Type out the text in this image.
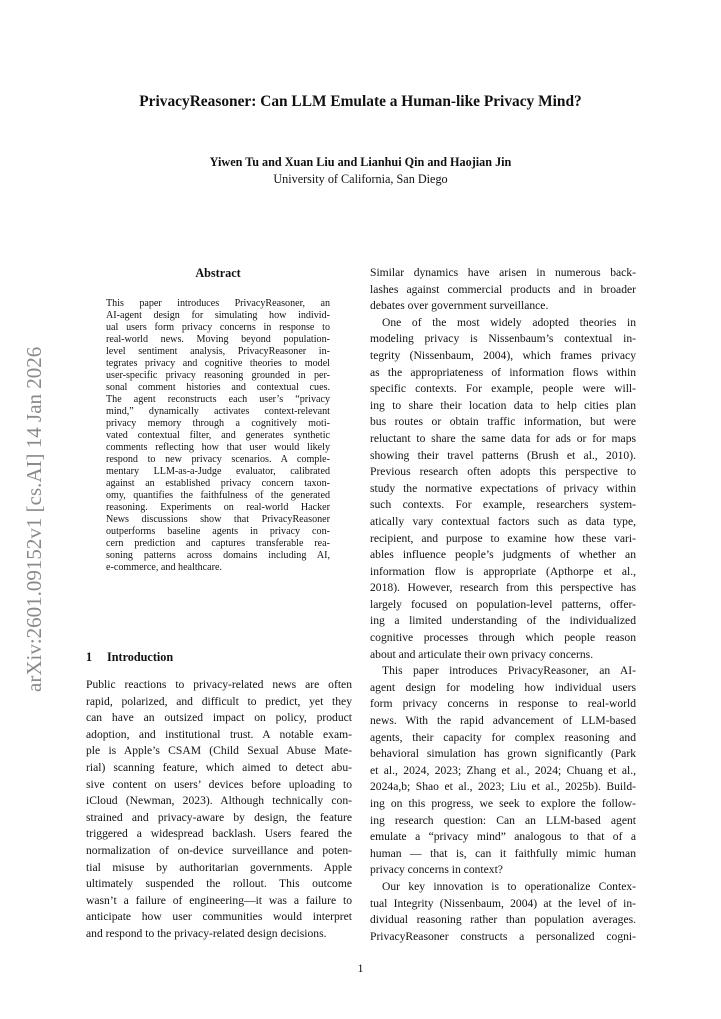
PrivacyReasoner: Can LLM Emulate a Human-like Privacy Mind?
Yiwen Tu and Xuan Liu and Lianhui Qin and Haojian Jin
University of California, San Diego
arXiv:2601.09152v1 [cs.AI] 14 Jan 2026
Abstract
This paper introduces PrivacyReasoner, an
AI-agent design for simulating how individ-
ual users form privacy concerns in response to
real-world news. Moving beyond population-
level sentiment analysis, PrivacyReasoner in-
tegrates privacy and cognitive theories to model
user-specific privacy reasoning grounded in per-
sonal comment histories and contextual cues.
The agent reconstructs each user’s “privacy
mind,” dynamically activates context-relevant
privacy memory through a cognitively moti-
vated contextual filter, and generates synthetic
comments reflecting how that user would likely
respond to new privacy scenarios. A comple-
mentary LLM-as-a-Judge evaluator, calibrated
against an established privacy concern taxon-
omy, quantifies the faithfulness of the generated
reasoning. Experiments on real-world Hacker
News discussions show that PrivacyReasoner
outperforms baseline agents in privacy con-
cern prediction and captures transferable rea-
soning patterns across domains including AI,
e-commerce, and healthcare.
1 Introduction
Public reactions to privacy-related news are often
rapid, polarized, and difficult to predict, yet they
can have an outsized impact on policy, product
adoption, and institutional trust. A notable exam-
ple is Apple’s CSAM (Child Sexual Abuse Mate-
rial) scanning feature, which aimed to detect abu-
sive content on users’ devices before uploading to
iCloud (Newman, 2023). Although technically con-
strained and privacy-aware by design, the feature
triggered a widespread backlash. Users feared the
normalization of on-device surveillance and poten-
tial misuse by authoritarian governments. Apple
ultimately suspended the rollout. This outcome
wasn’t a failure of engineering—it was a failure to
anticipate how user communities would interpret
and respond to the privacy-related design decisions.
Similar dynamics have arisen in numerous back-
lashes against commercial products and in broader
debates over government surveillance.
One of the most widely adopted theories in
modeling privacy is Nissenbaum’s contextual in-
tegrity (Nissenbaum, 2004), which frames privacy
as the appropriateness of information flows within
specific contexts. For example, people were will-
ing to share their location data to help cities plan
bus routes or obtain traffic information, but were
reluctant to share the same data for ads or for maps
showing their travel patterns (Brush et al., 2010).
Previous research often adopts this perspective to
study the normative expectations of privacy within
such contexts. For example, researchers system-
atically vary contextual factors such as data type,
recipient, and purpose to examine how these vari-
ables influence people’s judgments of whether an
information flow is appropriate (Apthorpe et al.,
2018). However, research from this perspective has
largely focused on population-level patterns, offer-
ing a limited understanding of the individualized
cognitive processes through which people reason
about and articulate their own privacy concerns.
This paper introduces PrivacyReasoner, an AI-
agent design for modeling how individual users
form privacy concerns in response to real-world
news. With the rapid advancement of LLM-based
agents, their capacity for complex reasoning and
behavioral simulation has grown significantly (Park
et al., 2024, 2023; Zhang et al., 2024; Chuang et al.,
2024a,b; Shao et al., 2023; Liu et al., 2025b). Build-
ing on this progress, we seek to explore the follow-
ing research question: Can an LLM-based agent
emulate a “privacy mind” analogous to that of a
human — that is, can it faithfully mimic human
privacy concerns in context?
Our key innovation is to operationalize Contex-
tual Integrity (Nissenbaum, 2004) at the level of in-
dividual reasoning rather than population averages.
PrivacyReasoner constructs a personalized cogni-
1
